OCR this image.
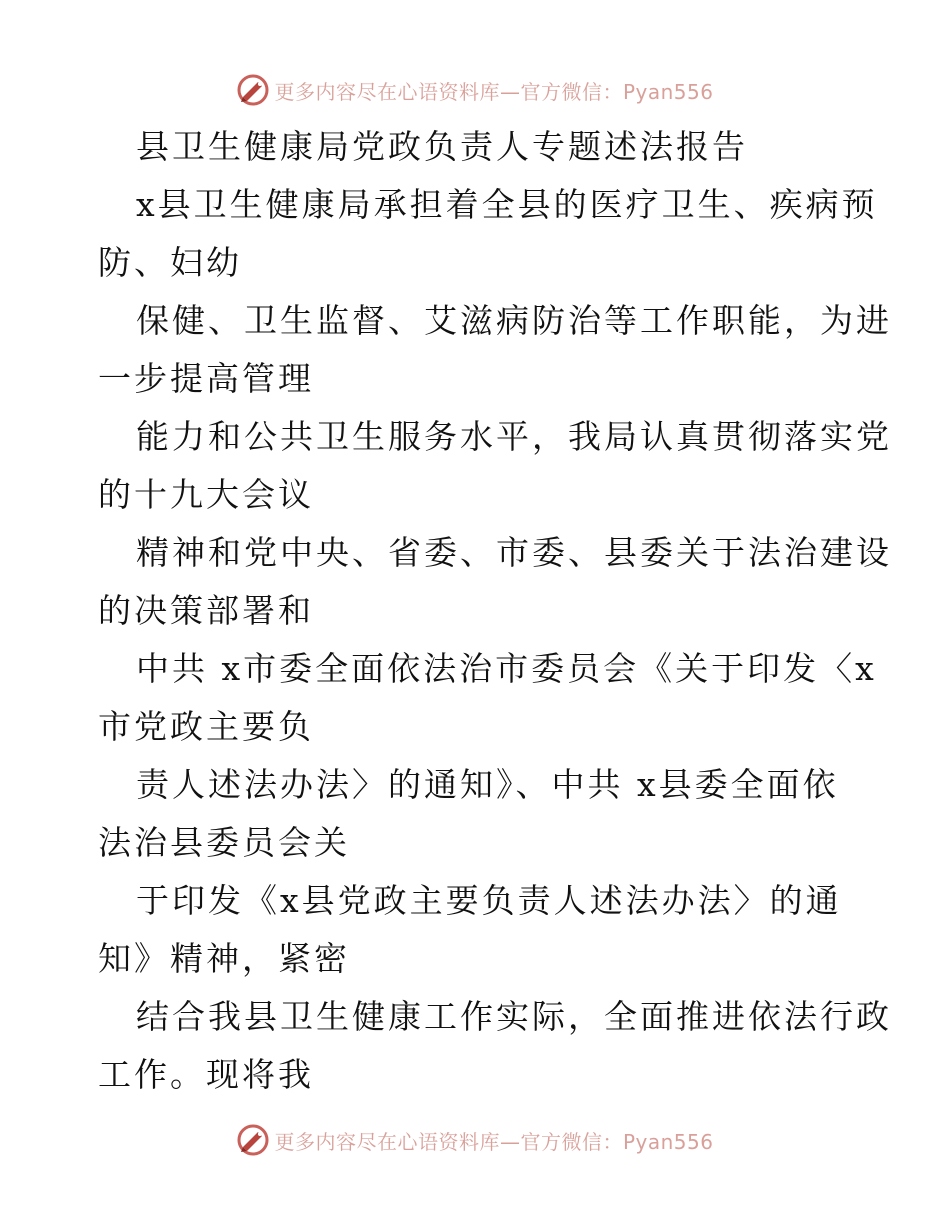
更多内容尽在心语资料库—官方微信：Pyan556
县卫生健康局党政负责人专题述法报告
x县卫生健康局承担着全县的医疗卫生、疾病预
防、妇幼
保健、卫生监督、艾滋病防治等工作职能，为进
一步提高管理
能力和公共卫生服务水平，我局认真贯彻落实党
的十九大会议
精神和党中央、省委、市委、县委关于法治建设
的决策部署和
中共 x市委全面依法治市委员会《关于印发〈x
市党政主要负
责人述法办法〉的通知》、中共 x县委全面依
法治县委员会关
于印发《x县党政主要负责人述法办法〉的通
知》精神，紧密
结合我县卫生健康工作实际，全面推进依法行政
工作。现将我
更多内容尽在心语资料库—官方微信：Pyan556
